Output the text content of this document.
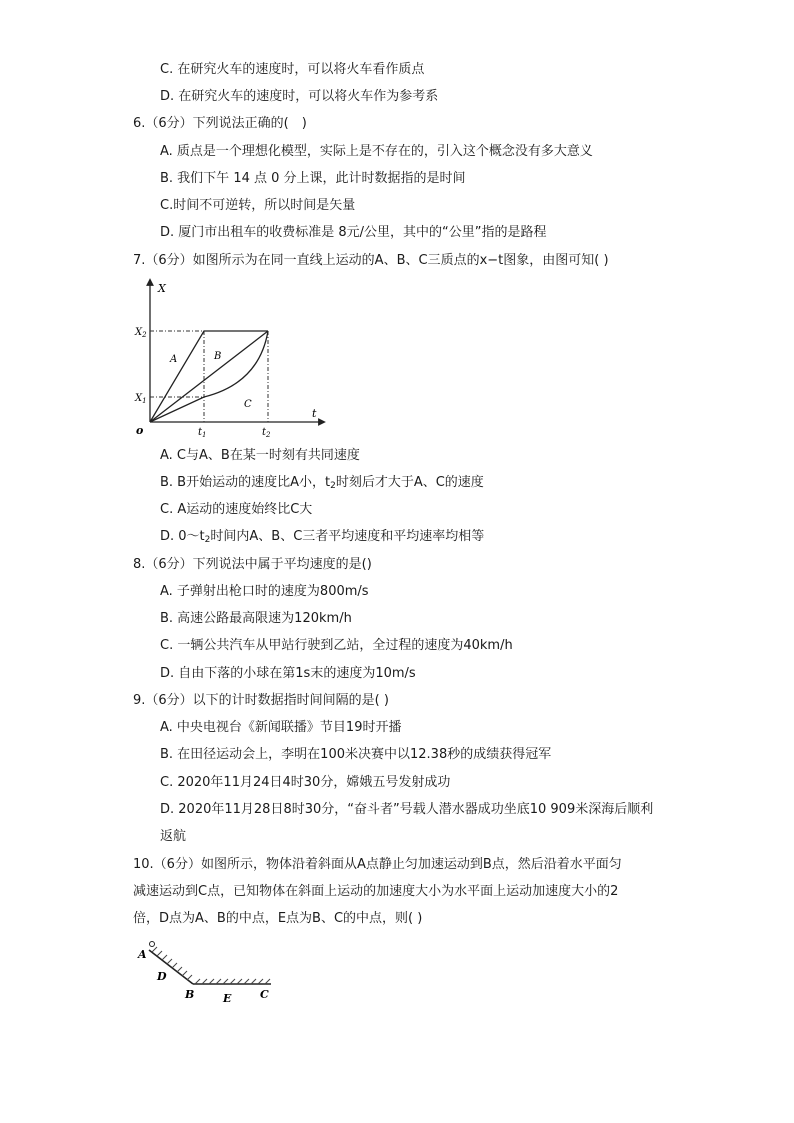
C. 在研究火车的速度时，可以将火车看作质点
D. 在研究火车的速度时，可以将火车作为参考系
6.（6分）下列说法正确的(　)
A. 质点是一个理想化模型，实际上是不存在的，引入这个概念没有多大意义
B. 我们下午 14 点 0 分上课，此计时数据指的是时间
C.时间不可逆转，所以时间是矢量
D. 厦门市出租车的收费标准是 8元/公里，其中的“公里”指的是路程
7.（6分）如图所示为在同一直线上运动的A、B、C三质点的x−t图象，由图可知( )
X
t
o
$X_2$
$X_1$
$t_1$	$t_2$
A	B
C
A. C与A、B在某一时刻有共同速度
B. B开始运动的速度比A小，$t_2$时刻后才大于A、C的速度
C. A运动的速度始终比C大
D. $0\sim t_2$时间内A、B、C三者平均速度和平均速率均相等
8.（6分）下列说法中属于平均速度的是()
A. 子弹射出枪口时的速度为800m/s
B. 高速公路最高限速为120km/h
C. 一辆公共汽车从甲站行驶到乙站，全过程的速度为40km/h
D. 自由下落的小球在第1s末的速度为10m/s
9.（6分）以下的计时数据指时间间隔的是( )
A. 中央电视台《新闻联播》节目19时开播
B. 在田径运动会上，李明在100米决赛中以12.38秒的成绩获得冠军
C. 2020年11月24日4时30分，嫦娥五号发射成功
D. 2020年11月28日8时30分，“奋斗者”号载人潜水器成功坐底10 909米深海后顺利
返航
10.（6分）如图所示，物体沿着斜面从A点静止匀加速运动到B点，然后沿着水平面匀
减速运动到C点，已知物体在斜面上运动的加速度大小为水平面上运动加速度大小的2
倍，D点为A、B的中点，E点为B、C的中点，则( )
A
D
B	E	C
